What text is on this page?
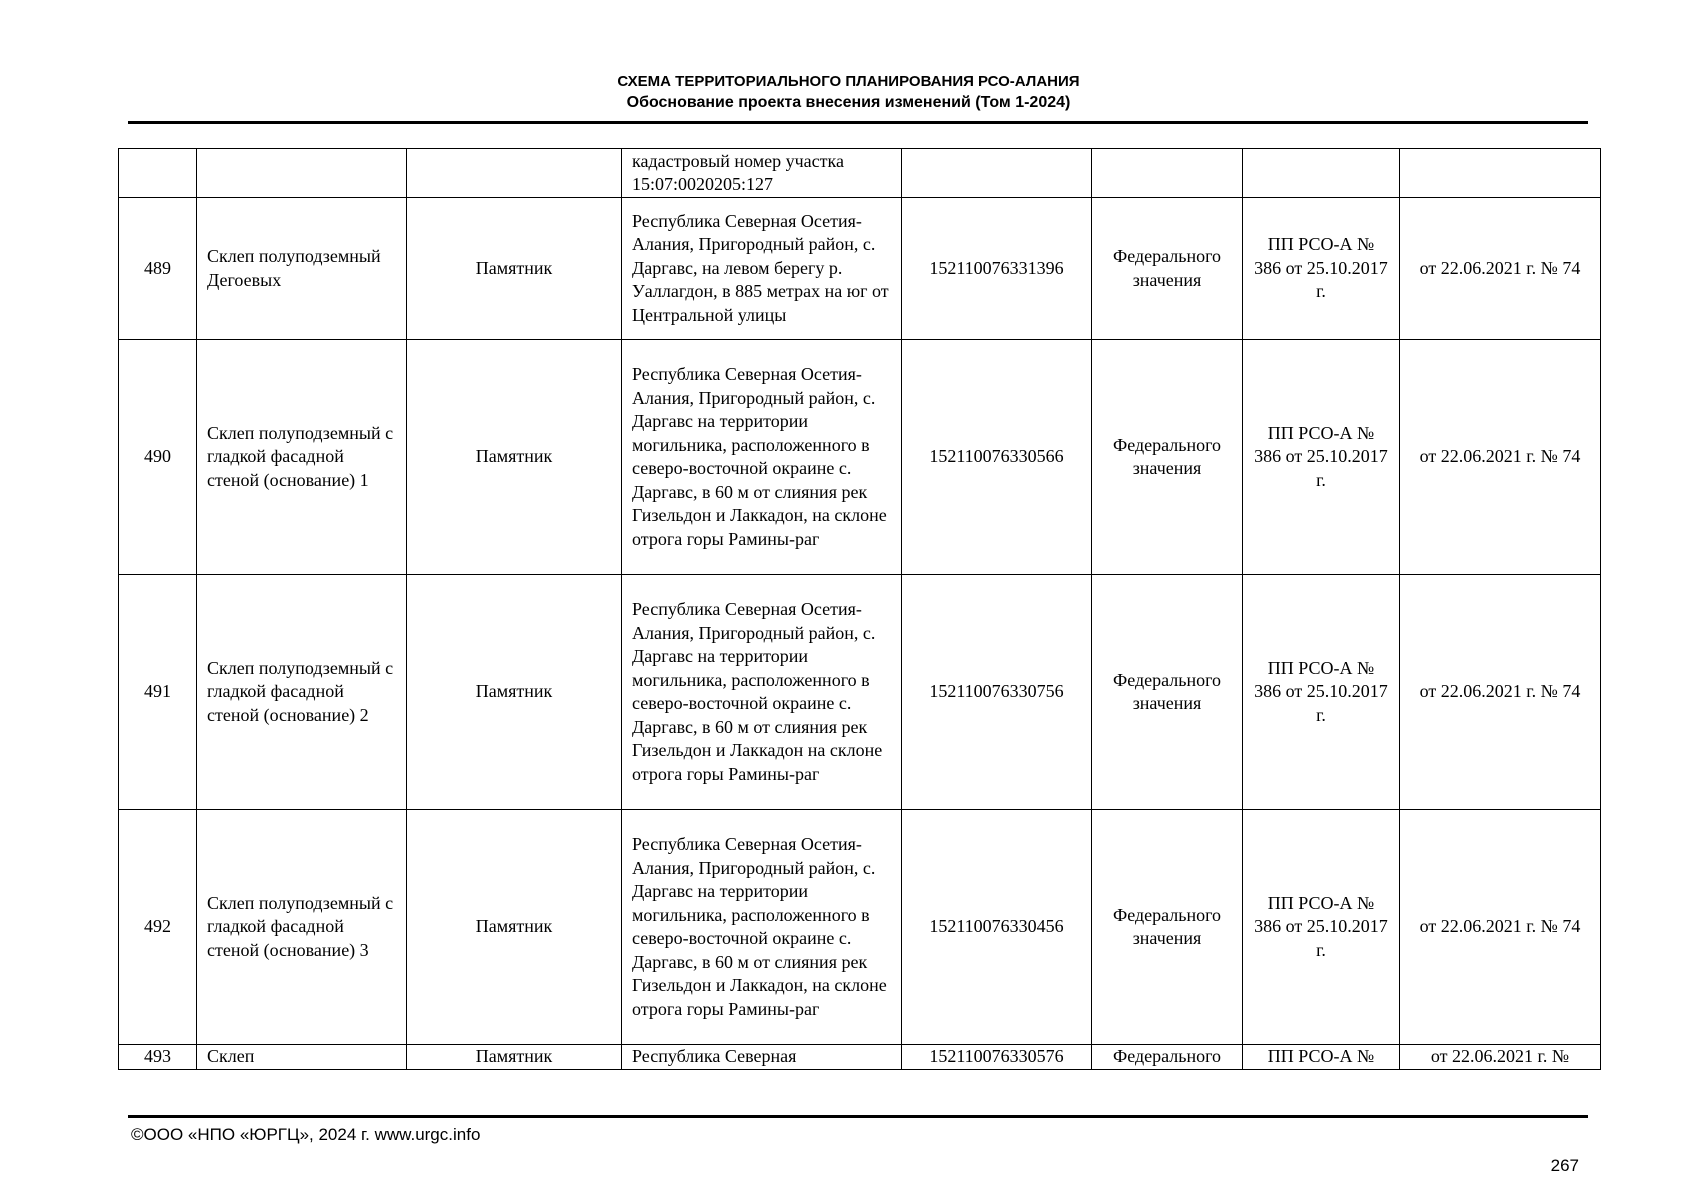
СХЕМА ТЕРРИТОРИАЛЬНОГО ПЛАНИРОВАНИЯ РСО-АЛАНИЯ
Обоснование проекта внесения изменений (Том 1-2024)
			кадастровый номер участка 15:07:0020205:127				
489	Склеп полуподземный Дегоевых	Памятник	Республика Северная Осетия-Алания, Пригородный район, с. Даргавс, на левом берегу р. Уаллагдон, в 885 метрах на юг от Центральной улицы	152110076331396	Федерального значения	ПП РСО-А № 386 от 25.10.2017 г.	от 22.06.2021 г. № 74
490	Склеп полуподземный с гладкой фасадной стеной (основание) 1	Памятник	Республика Северная Осетия-Алания, Пригородный район, с. Даргавс на территории могильника, расположенного в северо-восточной окраине с. Даргавс, в 60 м от слияния рек Гизельдон и Лаккадон, на склоне отрога горы Рамины-раг	152110076330566	Федерального значения	ПП РСО-А № 386 от 25.10.2017 г.	от 22.06.2021 г. № 74
491	Склеп полуподземный с гладкой фасадной стеной (основание) 2	Памятник	Республика Северная Осетия-Алания, Пригородный район, с. Даргавс на территории могильника, расположенного в северо-восточной окраине с. Даргавс, в 60 м от слияния рек Гизельдон и Лаккадон на склоне отрога горы Рамины-раг	152110076330756	Федерального значения	ПП РСО-А № 386 от 25.10.2017 г.	от 22.06.2021 г. № 74
492	Склеп полуподземный с гладкой фасадной стеной (основание) 3	Памятник	Республика Северная Осетия-Алания, Пригородный район, с. Даргавс на территории могильника, расположенного в северо-восточной окраине с. Даргавс, в 60 м от слияния рек Гизельдон и Лаккадон, на склоне отрога горы Рамины-раг	152110076330456	Федерального значения	ПП РСО-А № 386 от 25.10.2017 г.	от 22.06.2021 г. № 74
493	Склеп	Памятник	Республика Северная	152110076330576	Федерального	ПП РСО-А №	от 22.06.2021 г. №
©ООО «НПО «ЮРГЦ», 2024 г. www.urgc.info
267
